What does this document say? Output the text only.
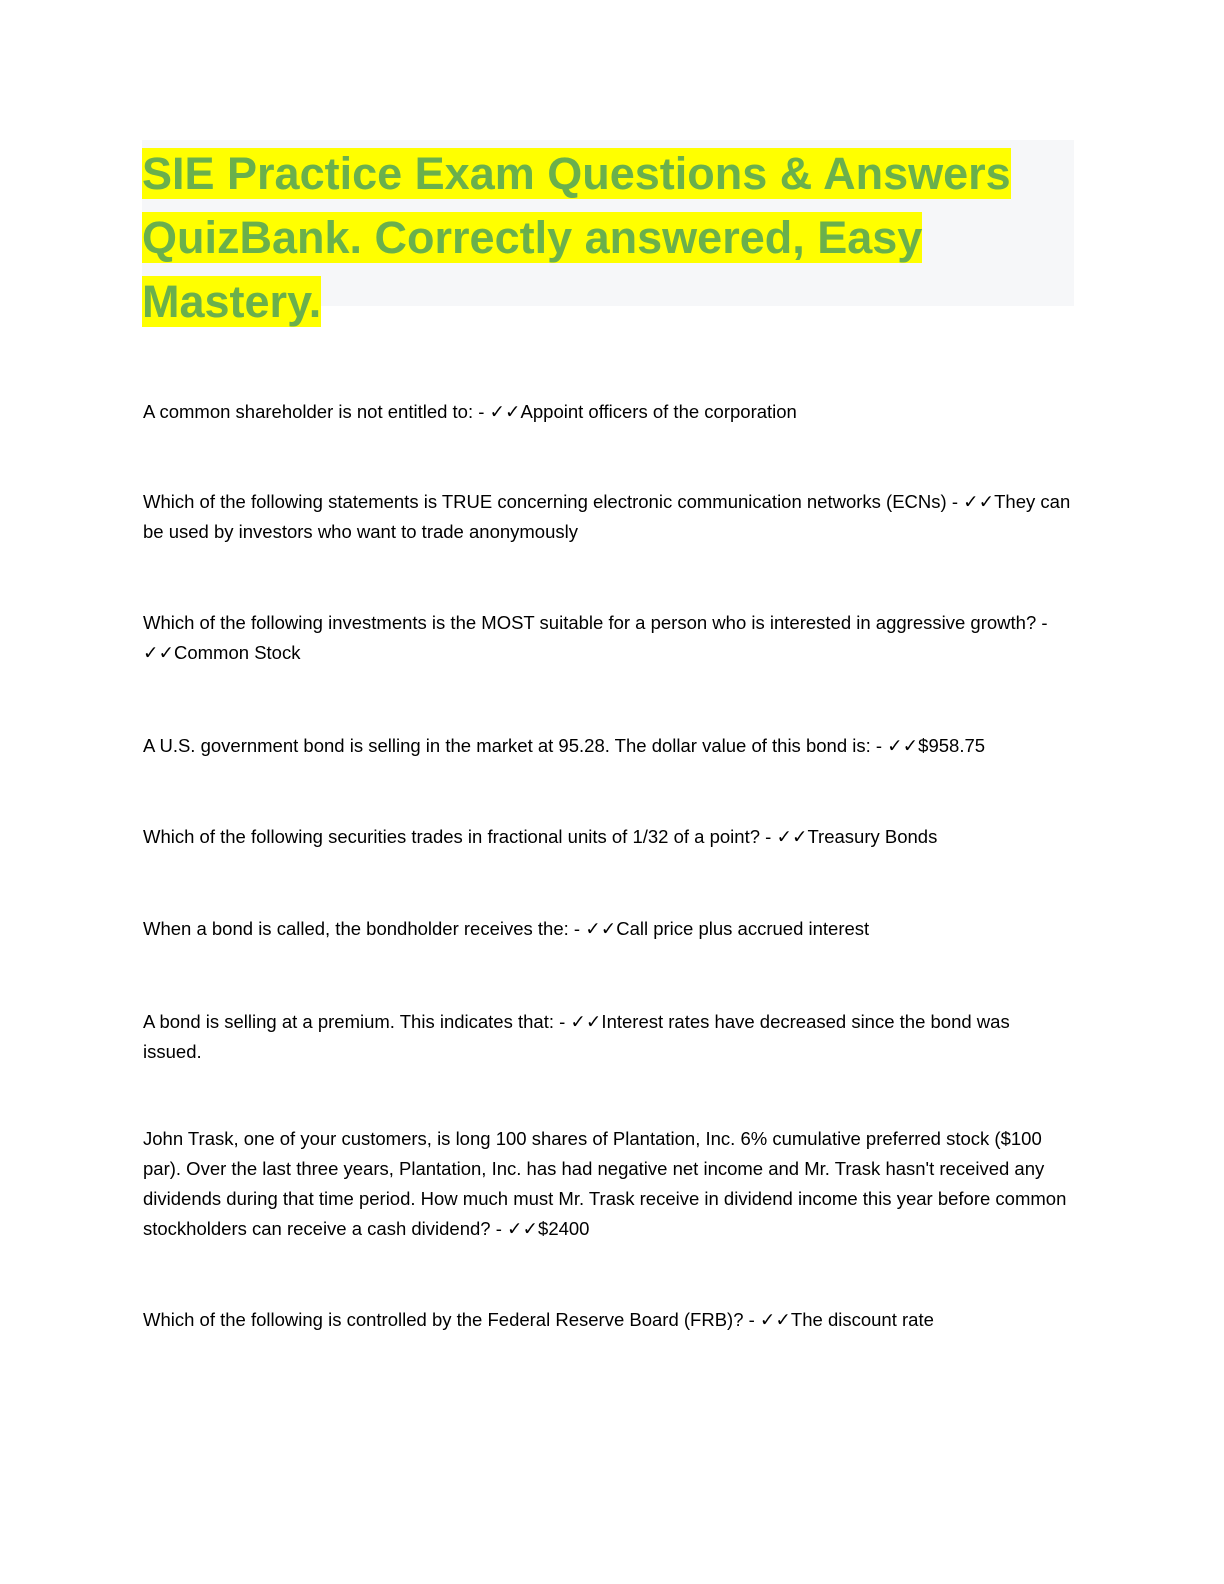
SIE Practice Exam Questions & Answers QuizBank. Correctly answered, Easy Mastery.

A common shareholder is not entitled to: - ✓✓Appoint officers of the corporation

Which of the following statements is TRUE concerning electronic communication networks (ECNs) - ✓✓They can be used by investors who want to trade anonymously

Which of the following investments is the MOST suitable for a person who is interested in aggressive growth? - ✓✓Common Stock

A U.S. government bond is selling in the market at 95.28. The dollar value of this bond is: - ✓✓$958.75

Which of the following securities trades in fractional units of 1/32 of a point? - ✓✓Treasury Bonds

When a bond is called, the bondholder receives the: - ✓✓Call price plus accrued interest

A bond is selling at a premium. This indicates that: - ✓✓Interest rates have decreased since the bond was issued.

John Trask, one of your customers, is long 100 shares of Plantation, Inc. 6% cumulative preferred stock ($100 par). Over the last three years, Plantation, Inc. has had negative net income and Mr. Trask hasn't received any dividends during that time period. How much must Mr. Trask receive in dividend income this year before common stockholders can receive a cash dividend? - ✓✓$2400

Which of the following is controlled by the Federal Reserve Board (FRB)? - ✓✓The discount rate
